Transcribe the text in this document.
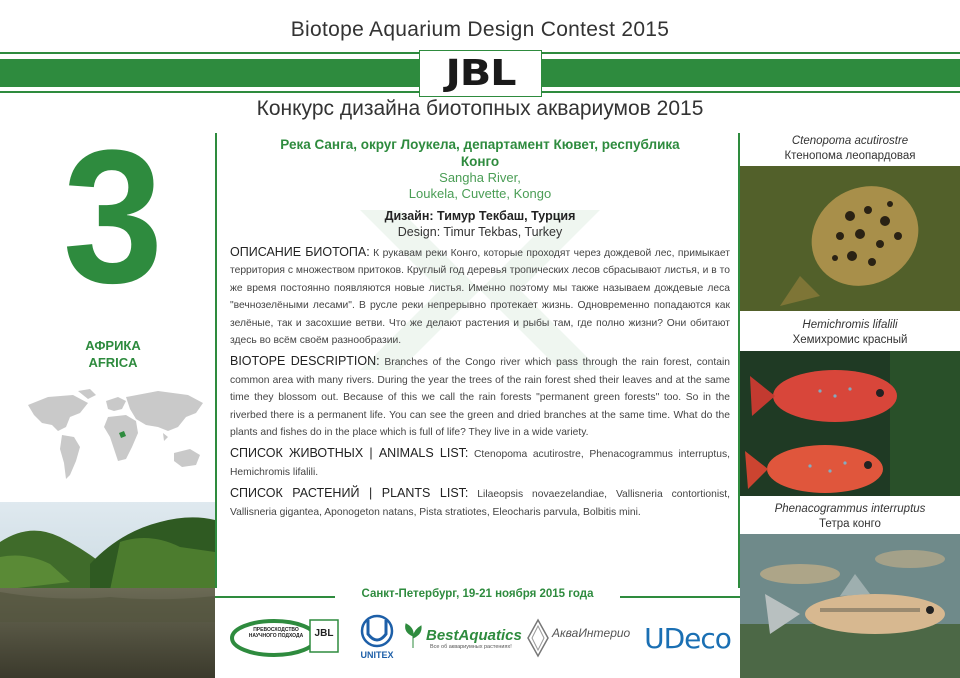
Biotope Aquarium Design Contest 2015
JBL
Конкурс дизайна биотопных аквариумов 2015
3
АФРИКА
AFRICA
Река Санга, округ Лоукела, департамент Кювет, республика Конго
Sangha River,
Loukela, Cuvette, Kongo
Дизайн: Тимур Текбаш, Турция
Design: Timur Tekbas, Turkey
ОПИСАНИЕ БИОТОПА: К рукавам реки Конго, которые проходят через дождевой лес, примыкает территория с множеством притоков. Круглый год деревья тропических лесов сбрасывают листья, и в то же время постоянно появляются новые листья. Именно поэтому мы также называем дождевые леса "вечнозелёными лесами". В русле реки непрерывно протекает жизнь. Одновременно попадаются как зелёные, так и засохшие ветви. Что же делают растения и рыбы там, где полно жизни? Они обитают здесь во всём своём разнообразии.
BIOTOPE DESCRIPTION: Branches of the Congo river which pass through the rain forest, contain common area with many rivers. During the year the trees of the rain forest shed their leaves and at the same time they blossom out. Because of this we call the rain forests "permanent green forests" too. So in the riverbed there is a permanent life. You can see the green and dried branches at the same time. What do the plants and fishes do in the place which is full of life? They live in a wide variety.
СПИСОК ЖИВОТНЫХ | ANIMALS LIST: Ctenopoma acutirostre, Phenacogrammus interruptus, Hemichromis lifalili.
СПИСОК РАСТЕНИЙ | PLANTS LIST: Lilaeopsis novaezelandiae, Vallisneria contortionist, Vallisneria gigantea, Aponogeton natans, Pista stratiotes, Eleocharis parvula, Bolbitis mini.
Санкт-Петербург, 19-21 ноября 2015 года
ПРЕВОСХОДСТВО НАУЧНОГО ПОДХОДА	JBL
UNITEX
BestAquatics
Все об аквариумных растениях!
АкваИнтерио UDeco
Ctenopoma acutirostre
Ктенопома леопардовая
Hemichromis lifalili
Хемихромис красный
Phenacogrammus interruptus
Тетра конго
